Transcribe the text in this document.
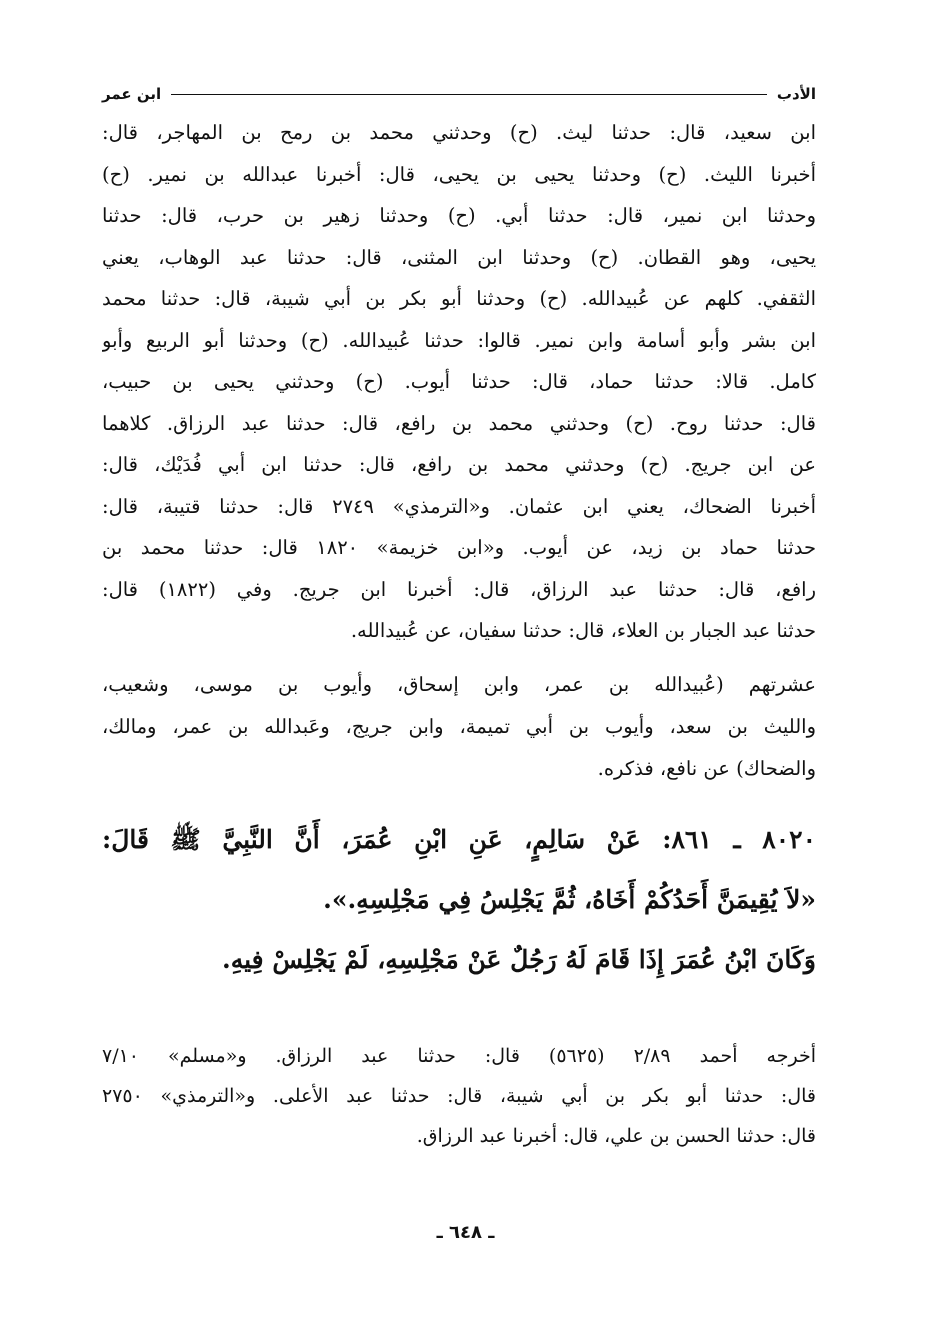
الأدب
ابن عمر
ابن سعيد، قال: حدثنا ليث. (ح) وحدثني محمد بن رمح بن المهاجر، قال:
أخبرنا الليث. (ح) وحدثنا يحيى بن يحيى، قال: أخبرنا عبدالله بن نمير. (ح)
وحدثنا ابن نمير، قال: حدثنا أبي. (ح) وحدثنا زهير بن حرب، قال: حدثنا
يحيى، وهو القطان. (ح) وحدثنا ابن المثنى، قال: حدثنا عبد الوهاب، يعني
الثقفي. كلهم عن عُبيدالله. (ح) وحدثنا أبو بكر بن أبي شيبة، قال: حدثنا محمد
ابن بشر وأبو أسامة وابن نمير. قالوا: حدثنا عُبيدالله. (ح) وحدثنا أبو الربيع وأبو
كامل. قالا: حدثنا حماد، قال: حدثنا أيوب. (ح) وحدثني يحيى بن حبيب،
قال: حدثنا روح. (ح) وحدثني محمد بن رافع، قال: حدثنا عبد الرزاق. كلاهما
عن ابن جريج. (ح) وحدثني محمد بن رافع، قال: حدثنا ابن أبي فُدَيْك، قال:
أخبرنا الضحاك، يعني ابن عثمان. و«الترمذي» ٢٧٤٩ قال: حدثنا قتيبة، قال:
حدثنا حماد بن زيد، عن أيوب. و«ابن خزيمة» ١٨٢٠ قال: حدثنا محمد بن
رافع، قال: حدثنا عبد الرزاق، قال: أخبرنا ابن جريج. وفي (١٨٢٢) قال:
حدثنا عبد الجبار بن العلاء، قال: حدثنا سفيان، عن عُبيدالله.
عشرتهم (عُبيدالله بن عمر، وابن إسحاق، وأيوب بن موسى، وشعيب،
والليث بن سعد، وأيوب بن أبي تميمة، وابن جريج، وعَبدالله بن عمر، ومالك،
والضحاك) عن نافع، فذكره.
٨٠٢٠ ـ ٨٦١: عَنْ سَالِمٍ، عَنِ ابْنِ عُمَرَ، أَنَّ النَّبِيَّ ﷺ قَالَ:
«لاَ يُقِيمَنَّ أَحَدُكُمْ أَخَاهُ، ثُمَّ يَجْلِسُ فِي مَجْلِسِهِ.».
وَكَانَ ابْنُ عُمَرَ إِذَا قَامَ لَهُ رَجُلٌ عَنْ مَجْلِسِهِ، لَمْ يَجْلِسْ فِيهِ.
أخرجه أحمد ٢/٨٩ (٥٦٢٥) قال: حدثنا عبد الرزاق. و«مسلم» ٧/١٠
قال: حدثنا أبو بكر بن أبي شيبة، قال: حدثنا عبد الأعلى. و«الترمذي» ٢٧٥٠
قال: حدثنا الحسن بن علي، قال: أخبرنا عبد الرزاق.
ـ ٦٤٨ ـ
